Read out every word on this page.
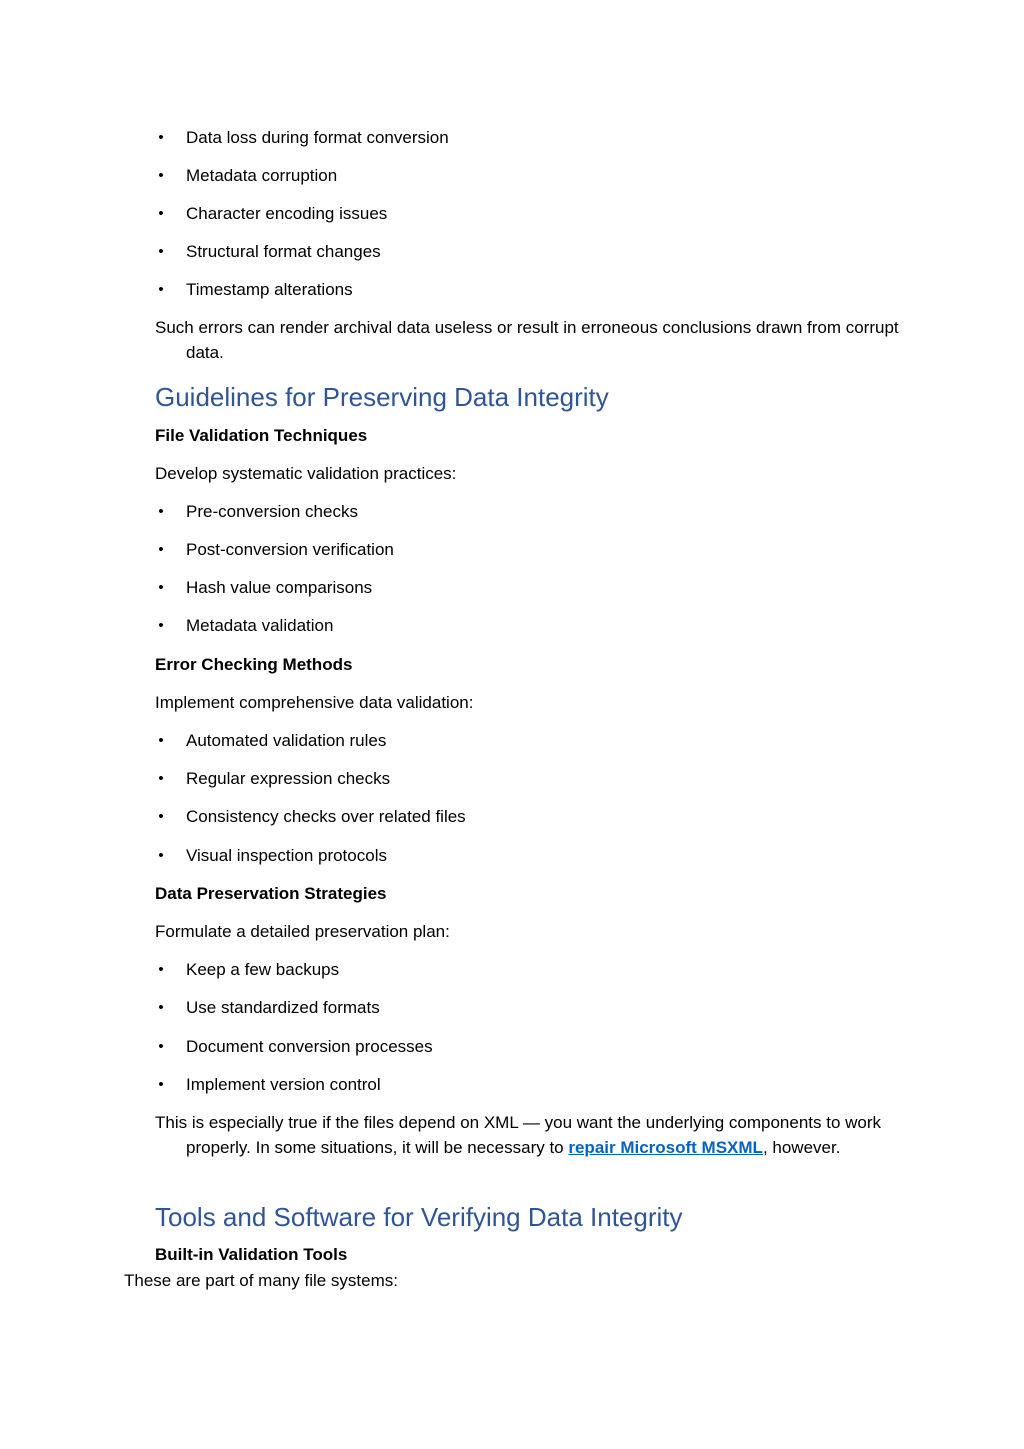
• Data loss during format conversion
• Metadata corruption
• Character encoding issues
• Structural format changes
• Timestamp alterations
Such errors can render archival data useless or result in erroneous conclusions drawn from corrupt data.
Guidelines for Preserving Data Integrity
File Validation Techniques
Develop systematic validation practices:
• Pre-conversion checks
• Post-conversion verification
• Hash value comparisons
• Metadata validation
Error Checking Methods
Implement comprehensive data validation:
• Automated validation rules
• Regular expression checks
• Consistency checks over related files
• Visual inspection protocols
Data Preservation Strategies
Formulate a detailed preservation plan:
• Keep a few backups
• Use standardized formats
• Document conversion processes
• Implement version control
This is especially true if the files depend on XML — you want the underlying components to work properly. In some situations, it will be necessary to repair Microsoft MSXML, however.
Tools and Software for Verifying Data Integrity
Built-in Validation Tools
These are part of many file systems:
